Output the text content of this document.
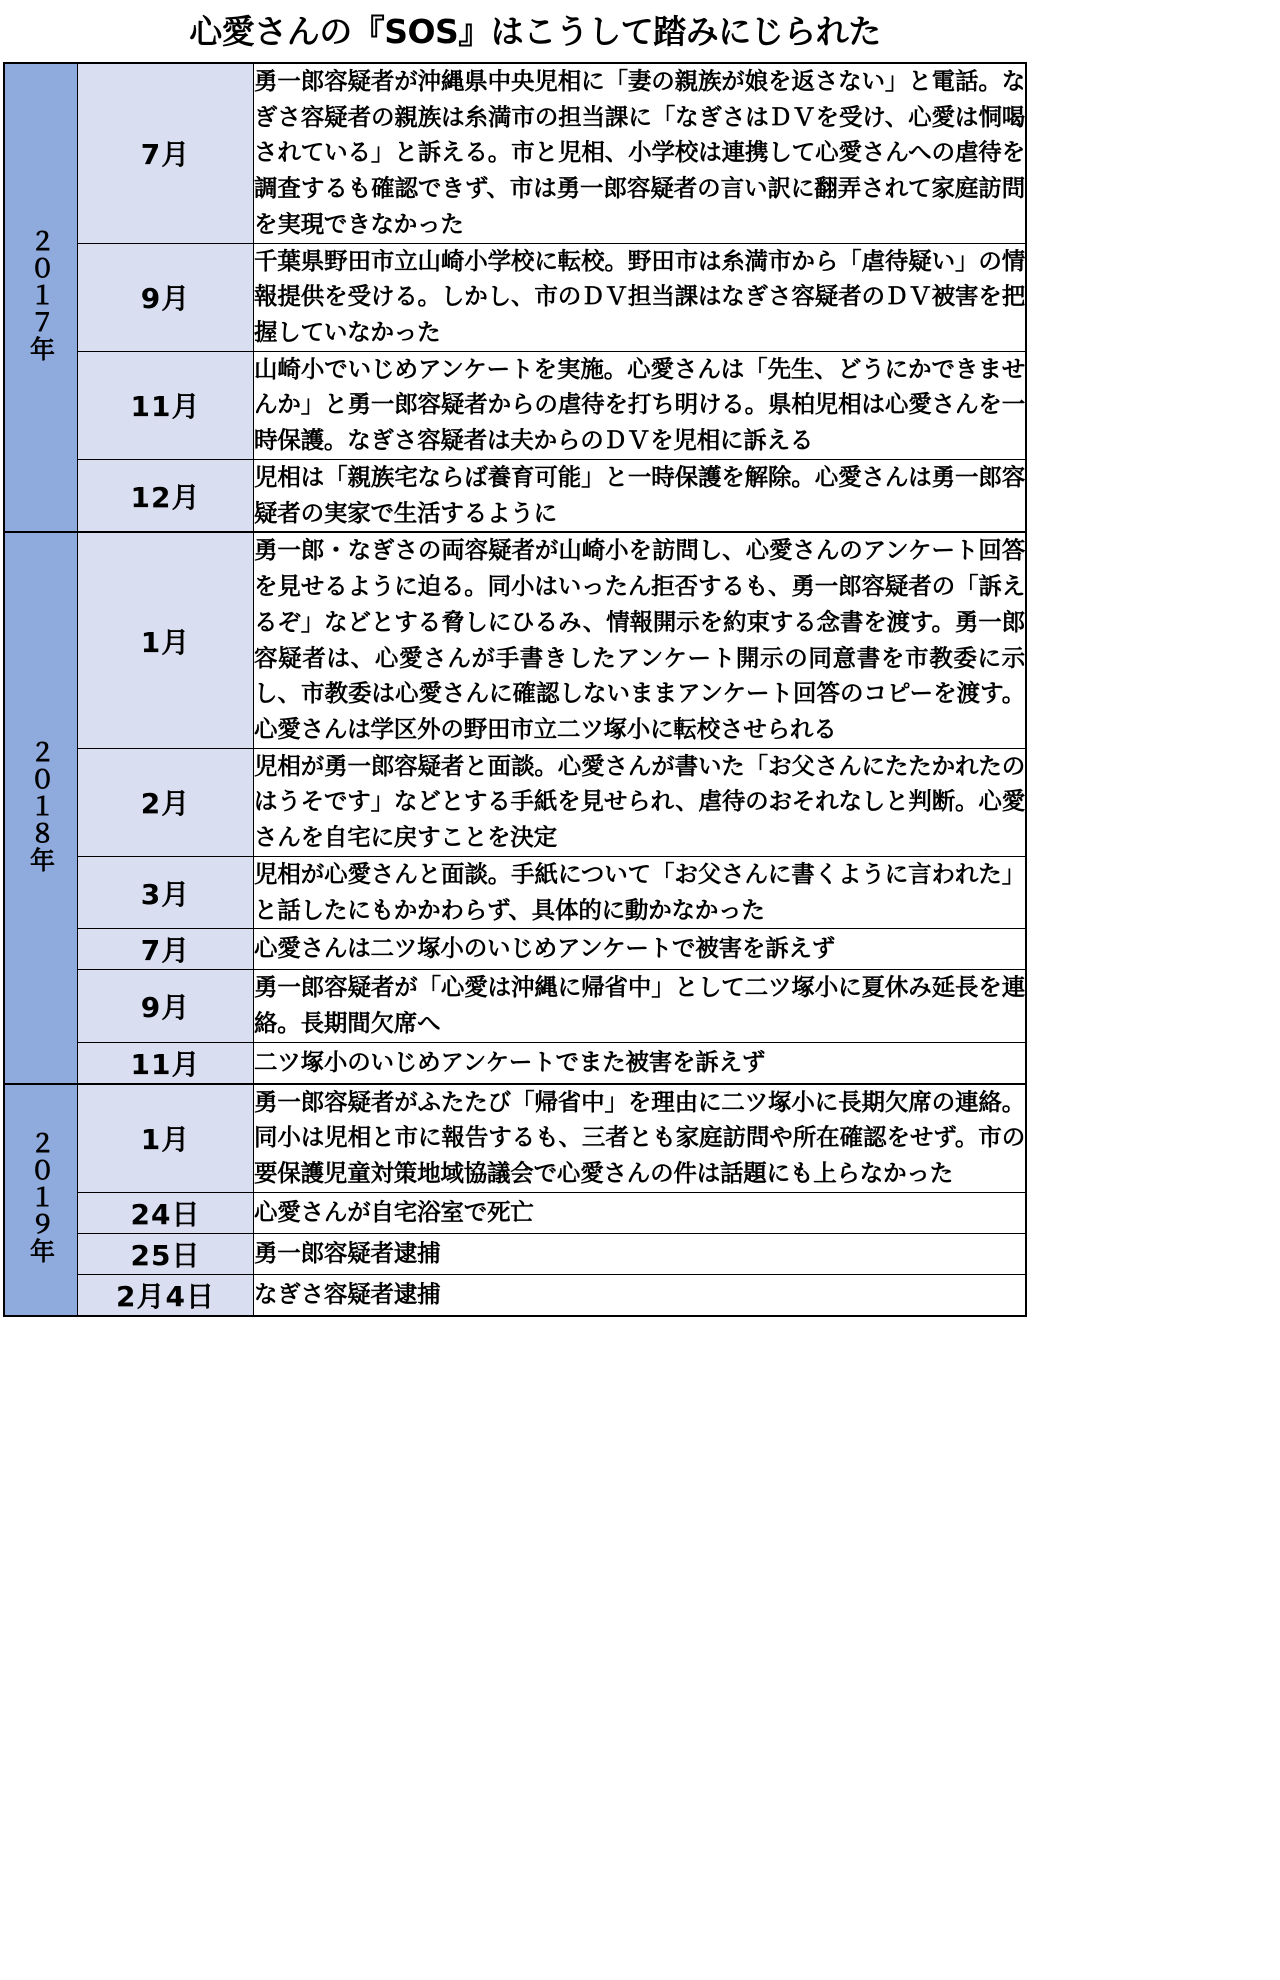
心愛さんの『SOS』はこうして踏みにじられた
２０１７年	7月	勇一郎容疑者が沖縄県中央児相に「妻の親族が娘を返さない」と電話。なぎさ容疑者の親族は糸満市の担当課に「なぎさはＤＶを受け、心愛は恫喝されている」と訴える。市と児相、小学校は連携して心愛さんへの虐待を調査するも確認できず、市は勇一郎容疑者の言い訳に翻弄されて家庭訪問を実現できなかった

	9月	千葉県野田市立山崎小学校に転校。野田市は糸満市から「虐待疑い」の情報提供を受ける。しかし、市のＤＶ担当課はなぎさ容疑者のＤＶ被害を把握していなかった

	11月	山崎小でいじめアンケートを実施。心愛さんは「先生、どうにかできませんか」と勇一郎容疑者からの虐待を打ち明ける。県柏児相は心愛さんを一時保護。なぎさ容疑者は夫からのＤＶを児相に訴える

	12月	児相は「親族宅ならば養育可能」と一時保護を解除。心愛さんは勇一郎容疑者の実家で生活するように

２０１８年	1月	勇一郎・なぎさの両容疑者が山崎小を訪問し、心愛さんのアンケート回答を見せるように迫る。同小はいったん拒否するも、勇一郎容疑者の「訴えるぞ」などとする脅しにひるみ、情報開示を約束する念書を渡す。勇一郎容疑者は、心愛さんが手書きしたアンケート開示の同意書を市教委に示し、市教委は心愛さんに確認しないままアンケート回答のコピーを渡す。心愛さんは学区外の野田市立二ツ塚小に転校させられる

	2月	児相が勇一郎容疑者と面談。心愛さんが書いた「お父さんにたたかれたのはうそです」などとする手紙を見せられ、虐待のおそれなしと判断。心愛さんを自宅に戻すことを決定

	3月	児相が心愛さんと面談。手紙について「お父さんに書くように言われた」と話したにもかかわらず、具体的に動かなかった

	7月	心愛さんは二ツ塚小のいじめアンケートで被害を訴えず

	9月	勇一郎容疑者が「心愛は沖縄に帰省中」として二ツ塚小に夏休み延長を連絡。長期間欠席へ

	11月	二ツ塚小のいじめアンケートでまた被害を訴えず

２０１９年	1月	勇一郎容疑者がふたたび「帰省中」を理由に二ツ塚小に長期欠席の連絡。同小は児相と市に報告するも、三者とも家庭訪問や所在確認をせず。市の要保護児童対策地域協議会で心愛さんの件は話題にも上らなかった

	24日	心愛さんが自宅浴室で死亡

	25日	勇一郎容疑者逮捕

	2月4日	なぎさ容疑者逮捕
